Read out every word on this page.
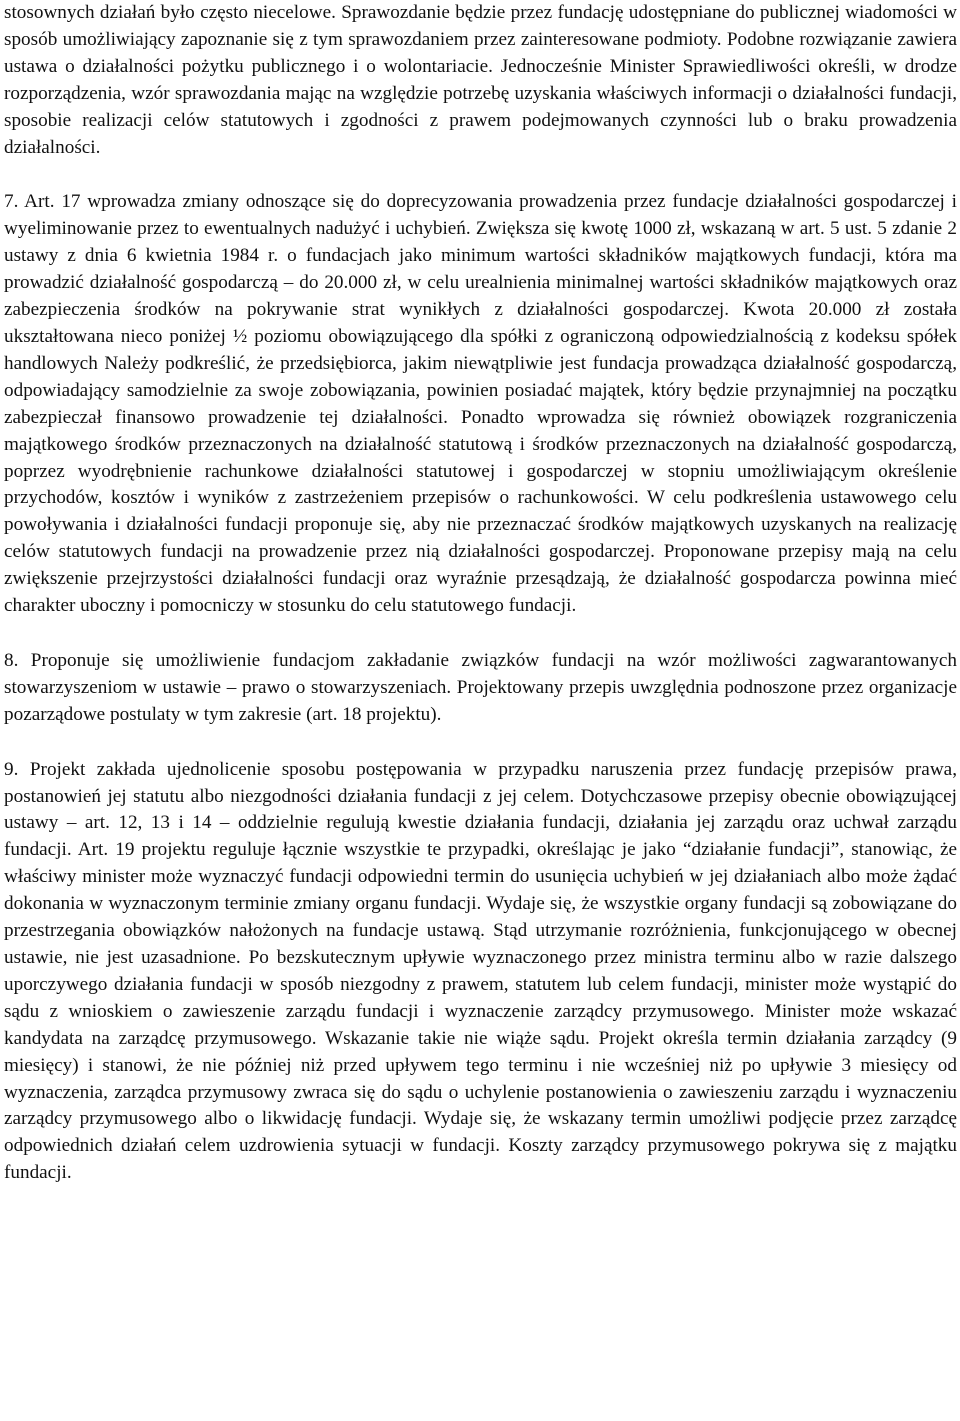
stosownych działań było często niecelowe. Sprawozdanie będzie przez fundację udostępniane do publicznej wiadomości w sposób umożliwiający zapoznanie się z tym sprawozdaniem przez zainteresowane podmioty. Podobne rozwiązanie zawiera ustawa o działalności pożytku publicznego i o wolontariacie. Jednocześnie Minister Sprawiedliwości określi, w drodze rozporządzenia, wzór sprawozdania mając na względzie potrzebę uzyskania właściwych informacji o działalności fundacji, sposobie realizacji celów statutowych i zgodności z prawem podejmowanych czynności lub o braku prowadzenia działalności.

7. Art. 17 wprowadza zmiany odnoszące się do doprecyzowania prowadzenia przez fundacje działalności gospodarczej i wyeliminowanie przez to ewentualnych nadużyć i uchybień. Zwiększa się kwotę 1000 zł, wskazaną w art. 5 ust. 5 zdanie 2 ustawy z dnia 6 kwietnia 1984 r. o fundacjach jako minimum wartości składników majątkowych fundacji, która ma prowadzić działalność gospodarczą – do 20.000 zł, w celu urealnienia minimalnej wartości składników majątkowych oraz zabezpieczenia środków na pokrywanie strat wynikłych z działalności gospodarczej. Kwota 20.000 zł została ukształtowana nieco poniżej ½ poziomu obowiązującego dla spółki z ograniczoną odpowiedzialnością z kodeksu spółek handlowych Należy podkreślić, że przedsiębiorca, jakim niewątpliwie jest fundacja prowadząca działalność gospodarczą, odpowiadający samodzielnie za swoje zobowiązania, powinien posiadać majątek, który będzie przynajmniej na początku zabezpieczał finansowo prowadzenie tej działalności. Ponadto wprowadza się również obowiązek rozgraniczenia majątkowego środków przeznaczonych na działalność statutową i środków przeznaczonych na działalność gospodarczą, poprzez wyodrębnienie rachunkowe działalności statutowej i gospodarczej w stopniu umożliwiającym określenie przychodów, kosztów i wyników z zastrzeżeniem przepisów o rachunkowości. W celu podkreślenia ustawowego celu powoływania i działalności fundacji proponuje się, aby nie przeznaczać środków majątkowych uzyskanych na realizację celów statutowych fundacji na prowadzenie przez nią działalności gospodarczej. Proponowane przepisy mają na celu zwiększenie przejrzystości działalności fundacji oraz wyraźnie przesądzają, że działalność gospodarcza powinna mieć charakter uboczny i pomocniczy w stosunku do celu statutowego fundacji.

8. Proponuje się umożliwienie fundacjom zakładanie związków fundacji na wzór możliwości zagwarantowanych stowarzyszeniom w ustawie – prawo o stowarzyszeniach. Projektowany przepis uwzględnia podnoszone przez organizacje pozarządowe postulaty w tym zakresie (art. 18 projektu).

9. Projekt zakłada ujednolicenie sposobu postępowania w przypadku naruszenia przez fundację przepisów prawa, postanowień jej statutu albo niezgodności działania fundacji z jej celem. Dotychczasowe przepisy obecnie obowiązującej ustawy – art. 12, 13 i 14 – oddzielnie regulują kwestie działania fundacji, działania jej zarządu oraz uchwał zarządu fundacji. Art. 19 projektu reguluje łącznie wszystkie te przypadki, określając je jako “działanie fundacji”, stanowiąc, że właściwy minister może wyznaczyć fundacji odpowiedni termin do usunięcia uchybień w jej działaniach albo może żądać dokonania w wyznaczonym terminie zmiany organu fundacji. Wydaje się, że wszystkie organy fundacji są zobowiązane do przestrzegania obowiązków nałożonych na fundacje ustawą. Stąd utrzymanie rozróżnienia, funkcjonującego w obecnej ustawie, nie jest uzasadnione. Po bezskutecznym upływie wyznaczonego przez ministra terminu albo w razie dalszego uporczywego działania fundacji w sposób niezgodny z prawem, statutem lub celem fundacji, minister może wystąpić do sądu z wnioskiem o zawieszenie zarządu fundacji i wyznaczenie zarządcy przymusowego. Minister może wskazać kandydata na zarządcę przymusowego. Wskazanie takie nie wiąże sądu. Projekt określa termin działania zarządcy (9 miesięcy) i stanowi, że nie później niż przed upływem tego terminu i nie wcześniej niż po upływie 3 miesięcy od wyznaczenia, zarządca przymusowy zwraca się do sądu o uchylenie postanowienia o zawieszeniu zarządu i wyznaczeniu zarządcy przymusowego albo o likwidację fundacji. Wydaje się, że wskazany termin umożliwi podjęcie przez zarządcę odpowiednich działań celem uzdrowienia sytuacji w fundacji. Koszty zarządcy przymusowego pokrywa się z majątku fundacji.
